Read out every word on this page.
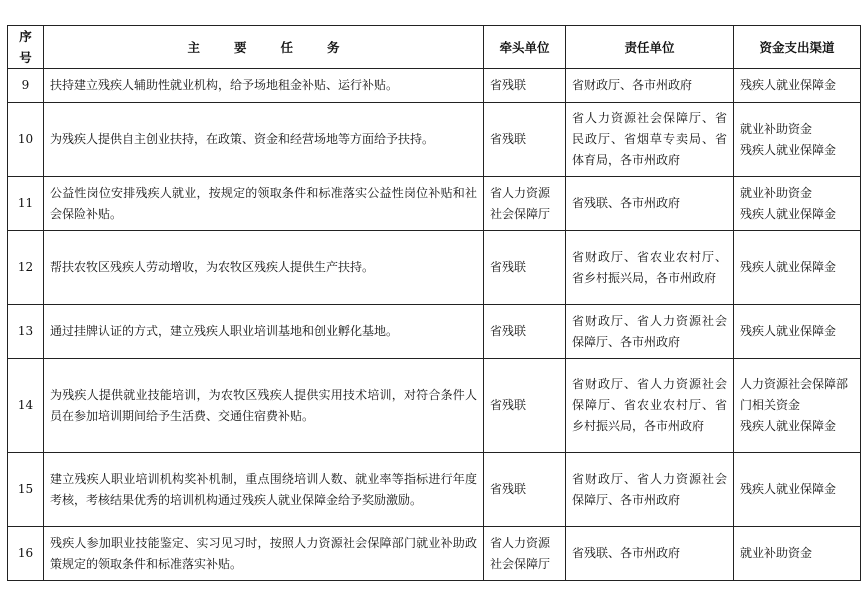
序号	主要任务	牵头单位	责任单位	资金支出渠道
9	扶持建立残疾人辅助性就业机构，给予场地租金补贴、运行补贴。	省残联	省财政厅、各市州政府	残疾人就业保障金

10	为残疾人提供自主创业扶持，在政策、资金和经营场地等方面给予扶持。	省残联	省人力资源社会保障厅、省民政厅、省烟草专卖局、省体育局，各市州政府	就业补助资金
残疾人就业保障金

11	公益性岗位安排残疾人就业，按规定的领取条件和标准落实公益性岗位补贴和社会保险补贴。	省人力资源社会保障厅	省残联、各市州政府	就业补助资金
残疾人就业保障金

12	帮扶农牧区残疾人劳动增收，为农牧区残疾人提供生产扶持。	省残联	省财政厅、省农业农村厅、省乡村振兴局，各市州政府	残疾人就业保障金

13	通过挂牌认证的方式，建立残疾人职业培训基地和创业孵化基地。	省残联	省财政厅、省人力资源社会保障厅、各市州政府	残疾人就业保障金

14	为残疾人提供就业技能培训，为农牧区残疾人提供实用技术培训，对符合条件人员在参加培训期间给予生活费、交通住宿费补贴。	省残联	省财政厅、省人力资源社会保障厅、省农业农村厅、省乡村振兴局，各市州政府	人力资源社会保障部门相关资金
残疾人就业保障金

15	建立残疾人职业培训机构奖补机制，重点围绕培训人数、就业率等指标进行年度考核，考核结果优秀的培训机构通过残疾人就业保障金给予奖励激励。	省残联	省财政厅、省人力资源社会保障厅、各市州政府	残疾人就业保障金

16	残疾人参加职业技能鉴定、实习见习时，按照人力资源社会保障部门就业补助政策规定的领取条件和标准落实补贴。	省人力资源社会保障厅	省残联、各市州政府	就业补助资金
